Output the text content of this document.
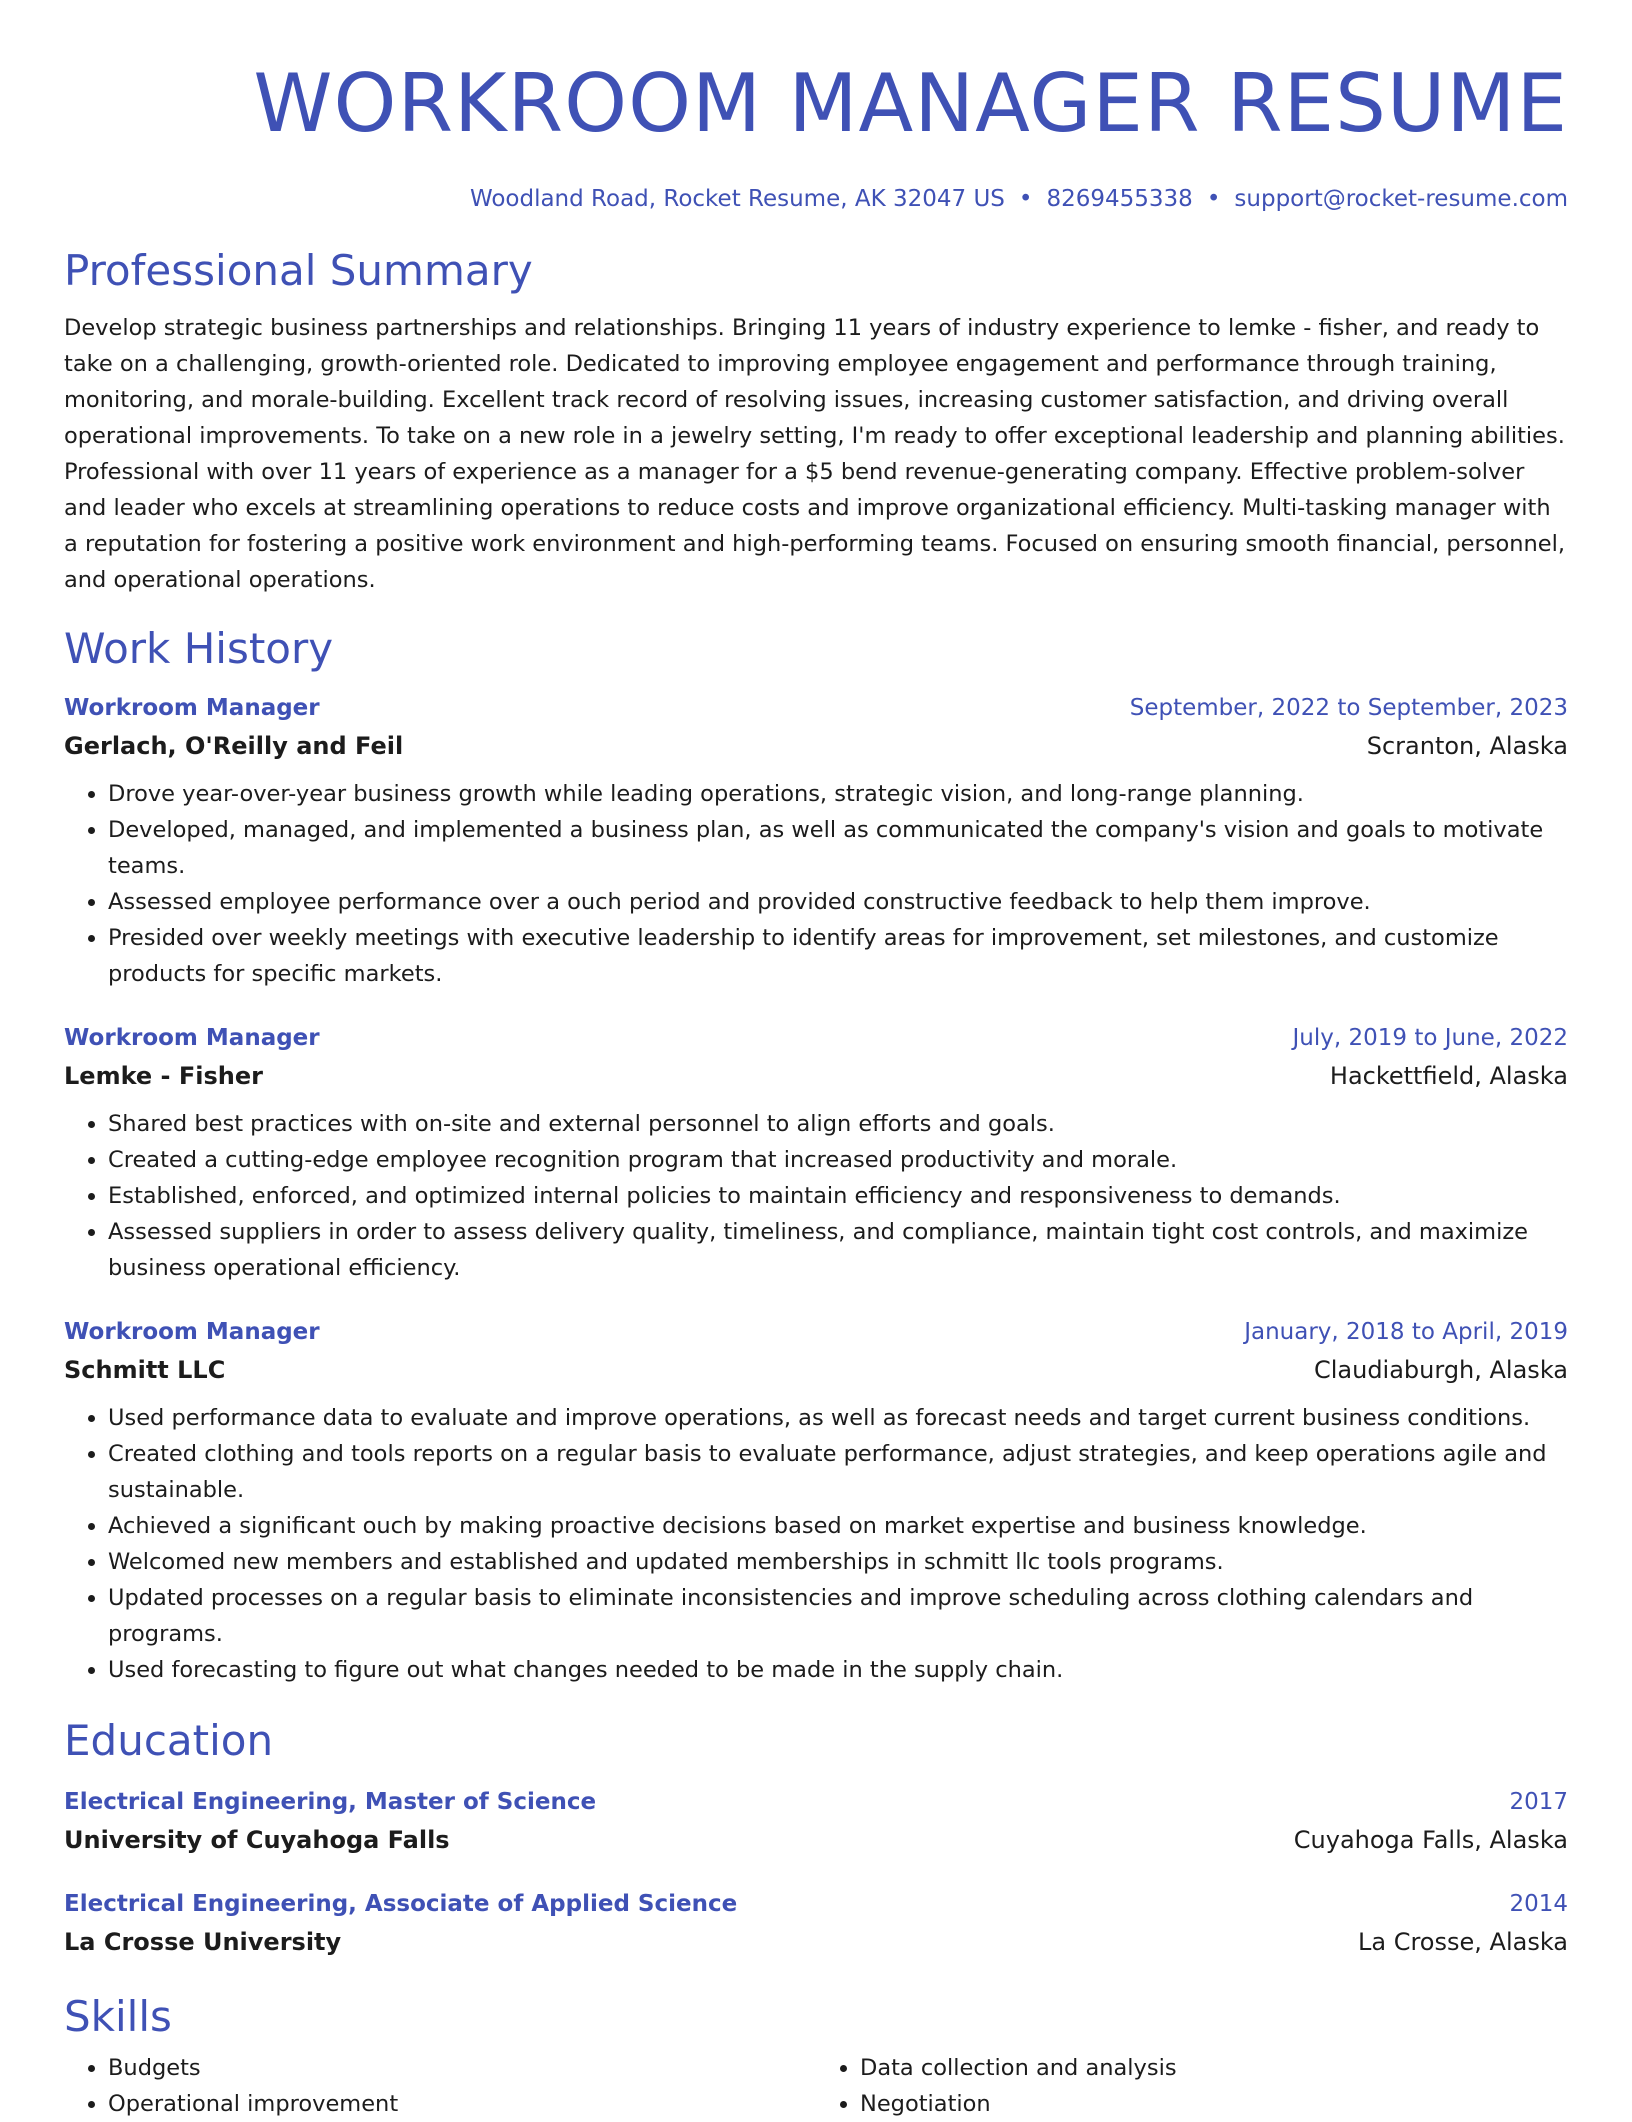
WORKROOM MANAGER RESUME
Woodland Road, Rocket Resume, AK 32047 US • 8269455338 • support@rocket-resume.com
Professional Summary
Develop strategic business partnerships and relationships. Bringing 11 years of industry experience to lemke - fisher, and ready to take on a challenging, growth-oriented role. Dedicated to improving employee engagement and performance through training, monitoring, and morale-building. Excellent track record of resolving issues, increasing customer satisfaction, and driving overall operational improvements. To take on a new role in a jewelry setting, I'm ready to offer exceptional leadership and planning abilities. Professional with over 11 years of experience as a manager for a $5 bend revenue-generating company. Effective problem-solver and leader who excels at streamlining operations to reduce costs and improve organizational efficiency. Multi-tasking manager with a reputation for fostering a positive work environment and high-performing teams. Focused on ensuring smooth financial, personnel, and operational operations.
Work History
Workroom Manager	September, 2022 to September, 2023
Gerlach, O'Reilly and Feil	Scranton, Alaska
• Drove year-over-year business growth while leading operations, strategic vision, and long-range planning.
• Developed, managed, and implemented a business plan, as well as communicated the company's vision and goals to motivate teams.
• Assessed employee performance over a ouch period and provided constructive feedback to help them improve.
• Presided over weekly meetings with executive leadership to identify areas for improvement, set milestones, and customize products for specific markets.
Workroom Manager	July, 2019 to June, 2022
Lemke - Fisher	Hackettfield, Alaska
• Shared best practices with on-site and external personnel to align efforts and goals.
• Created a cutting-edge employee recognition program that increased productivity and morale.
• Established, enforced, and optimized internal policies to maintain efficiency and responsiveness to demands.
• Assessed suppliers in order to assess delivery quality, timeliness, and compliance, maintain tight cost controls, and maximize business operational efficiency.
Workroom Manager	January, 2018 to April, 2019
Schmitt LLC	Claudiaburgh, Alaska
• Used performance data to evaluate and improve operations, as well as forecast needs and target current business conditions.
• Created clothing and tools reports on a regular basis to evaluate performance, adjust strategies, and keep operations agile and sustainable.
• Achieved a significant ouch by making proactive decisions based on market expertise and business knowledge.
• Welcomed new members and established and updated memberships in schmitt llc tools programs.
• Updated processes on a regular basis to eliminate inconsistencies and improve scheduling across clothing calendars and programs.
• Used forecasting to figure out what changes needed to be made in the supply chain.
Education
Electrical Engineering, Master of Science	2017
University of Cuyahoga Falls	Cuyahoga Falls, Alaska
Electrical Engineering, Associate of Applied Science	2014
La Crosse University	La Crosse, Alaska
Skills
• Budgets
• Operational improvement
• Data collection and analysis
• Negotiation
